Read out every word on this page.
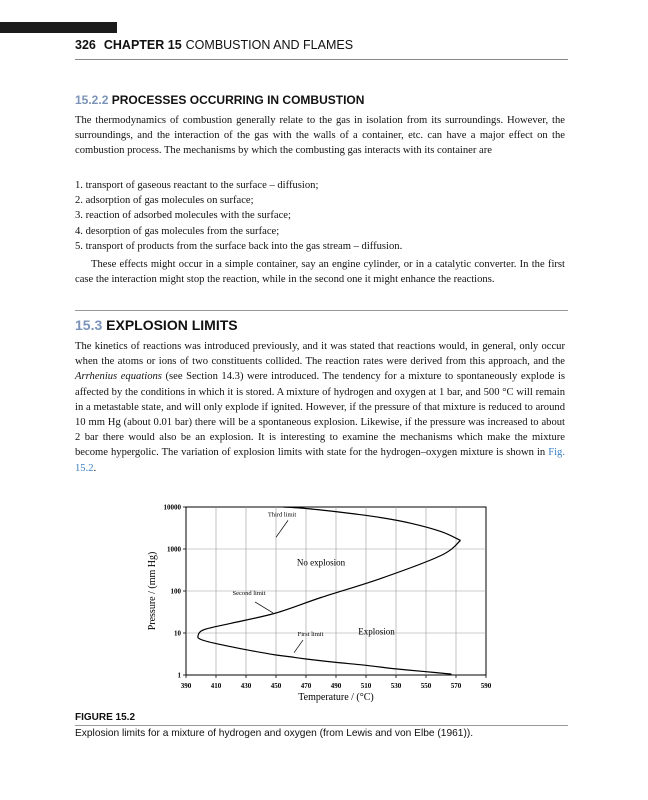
326 CHAPTER 15 COMBUSTION AND FLAMES
15.2.2 PROCESSES OCCURRING IN COMBUSTION

The thermodynamics of combustion generally relate to the gas in isolation from its surroundings. However, the surroundings, and the interaction of the gas with the walls of a container, etc. can have a major effect on the combustion process. The mechanisms by which the combusting gas interacts with its container are

1. transport of gaseous reactant to the surface – diffusion;
2. adsorption of gas molecules on surface;
3. reaction of adsorbed molecules with the surface;
4. desorption of gas molecules from the surface;
5. transport of products from the surface back into the gas stream – diffusion.

These effects might occur in a simple container, say an engine cylinder, or in a catalytic converter. In the first case the interaction might stop the reaction, while in the second one it might enhance the reactions.

15.3 EXPLOSION LIMITS

The kinetics of reactions was introduced previously, and it was stated that reactions would, in general, only occur when the atoms or ions of two constituents collided. The reaction rates were derived from this approach, and the Arrhenius equations (see Section 14.3) were introduced. The tendency for a mixture to spontaneously explode is affected by the conditions in which it is stored. A mixture of hydrogen and oxygen at 1 bar, and 500 °C will remain in a metastable state, and will only explode if ignited. However, if the pressure of that mixture is reduced to around 10 mm Hg (about 0.01 bar) there will be a spontaneous explosion. Likewise, if the pressure was increased to about 2 bar there would also be an explosion. It is interesting to examine the mechanisms which make the mixture become hypergolic. The variation of explosion limits with state for the hydrogen–oxygen mixture is shown in Fig. 15.2.

390	410	430	450	470	490	510	530	550	570	590
1
10
100
1000
10000
Third limit
No explosion
Second limit
First limit	Explosion
Temperature / (°C)
Pressure / (mm Hg)
FIGURE 15.2
Explosion limits for a mixture of hydrogen and oxygen (from Lewis and von Elbe (1961)).
